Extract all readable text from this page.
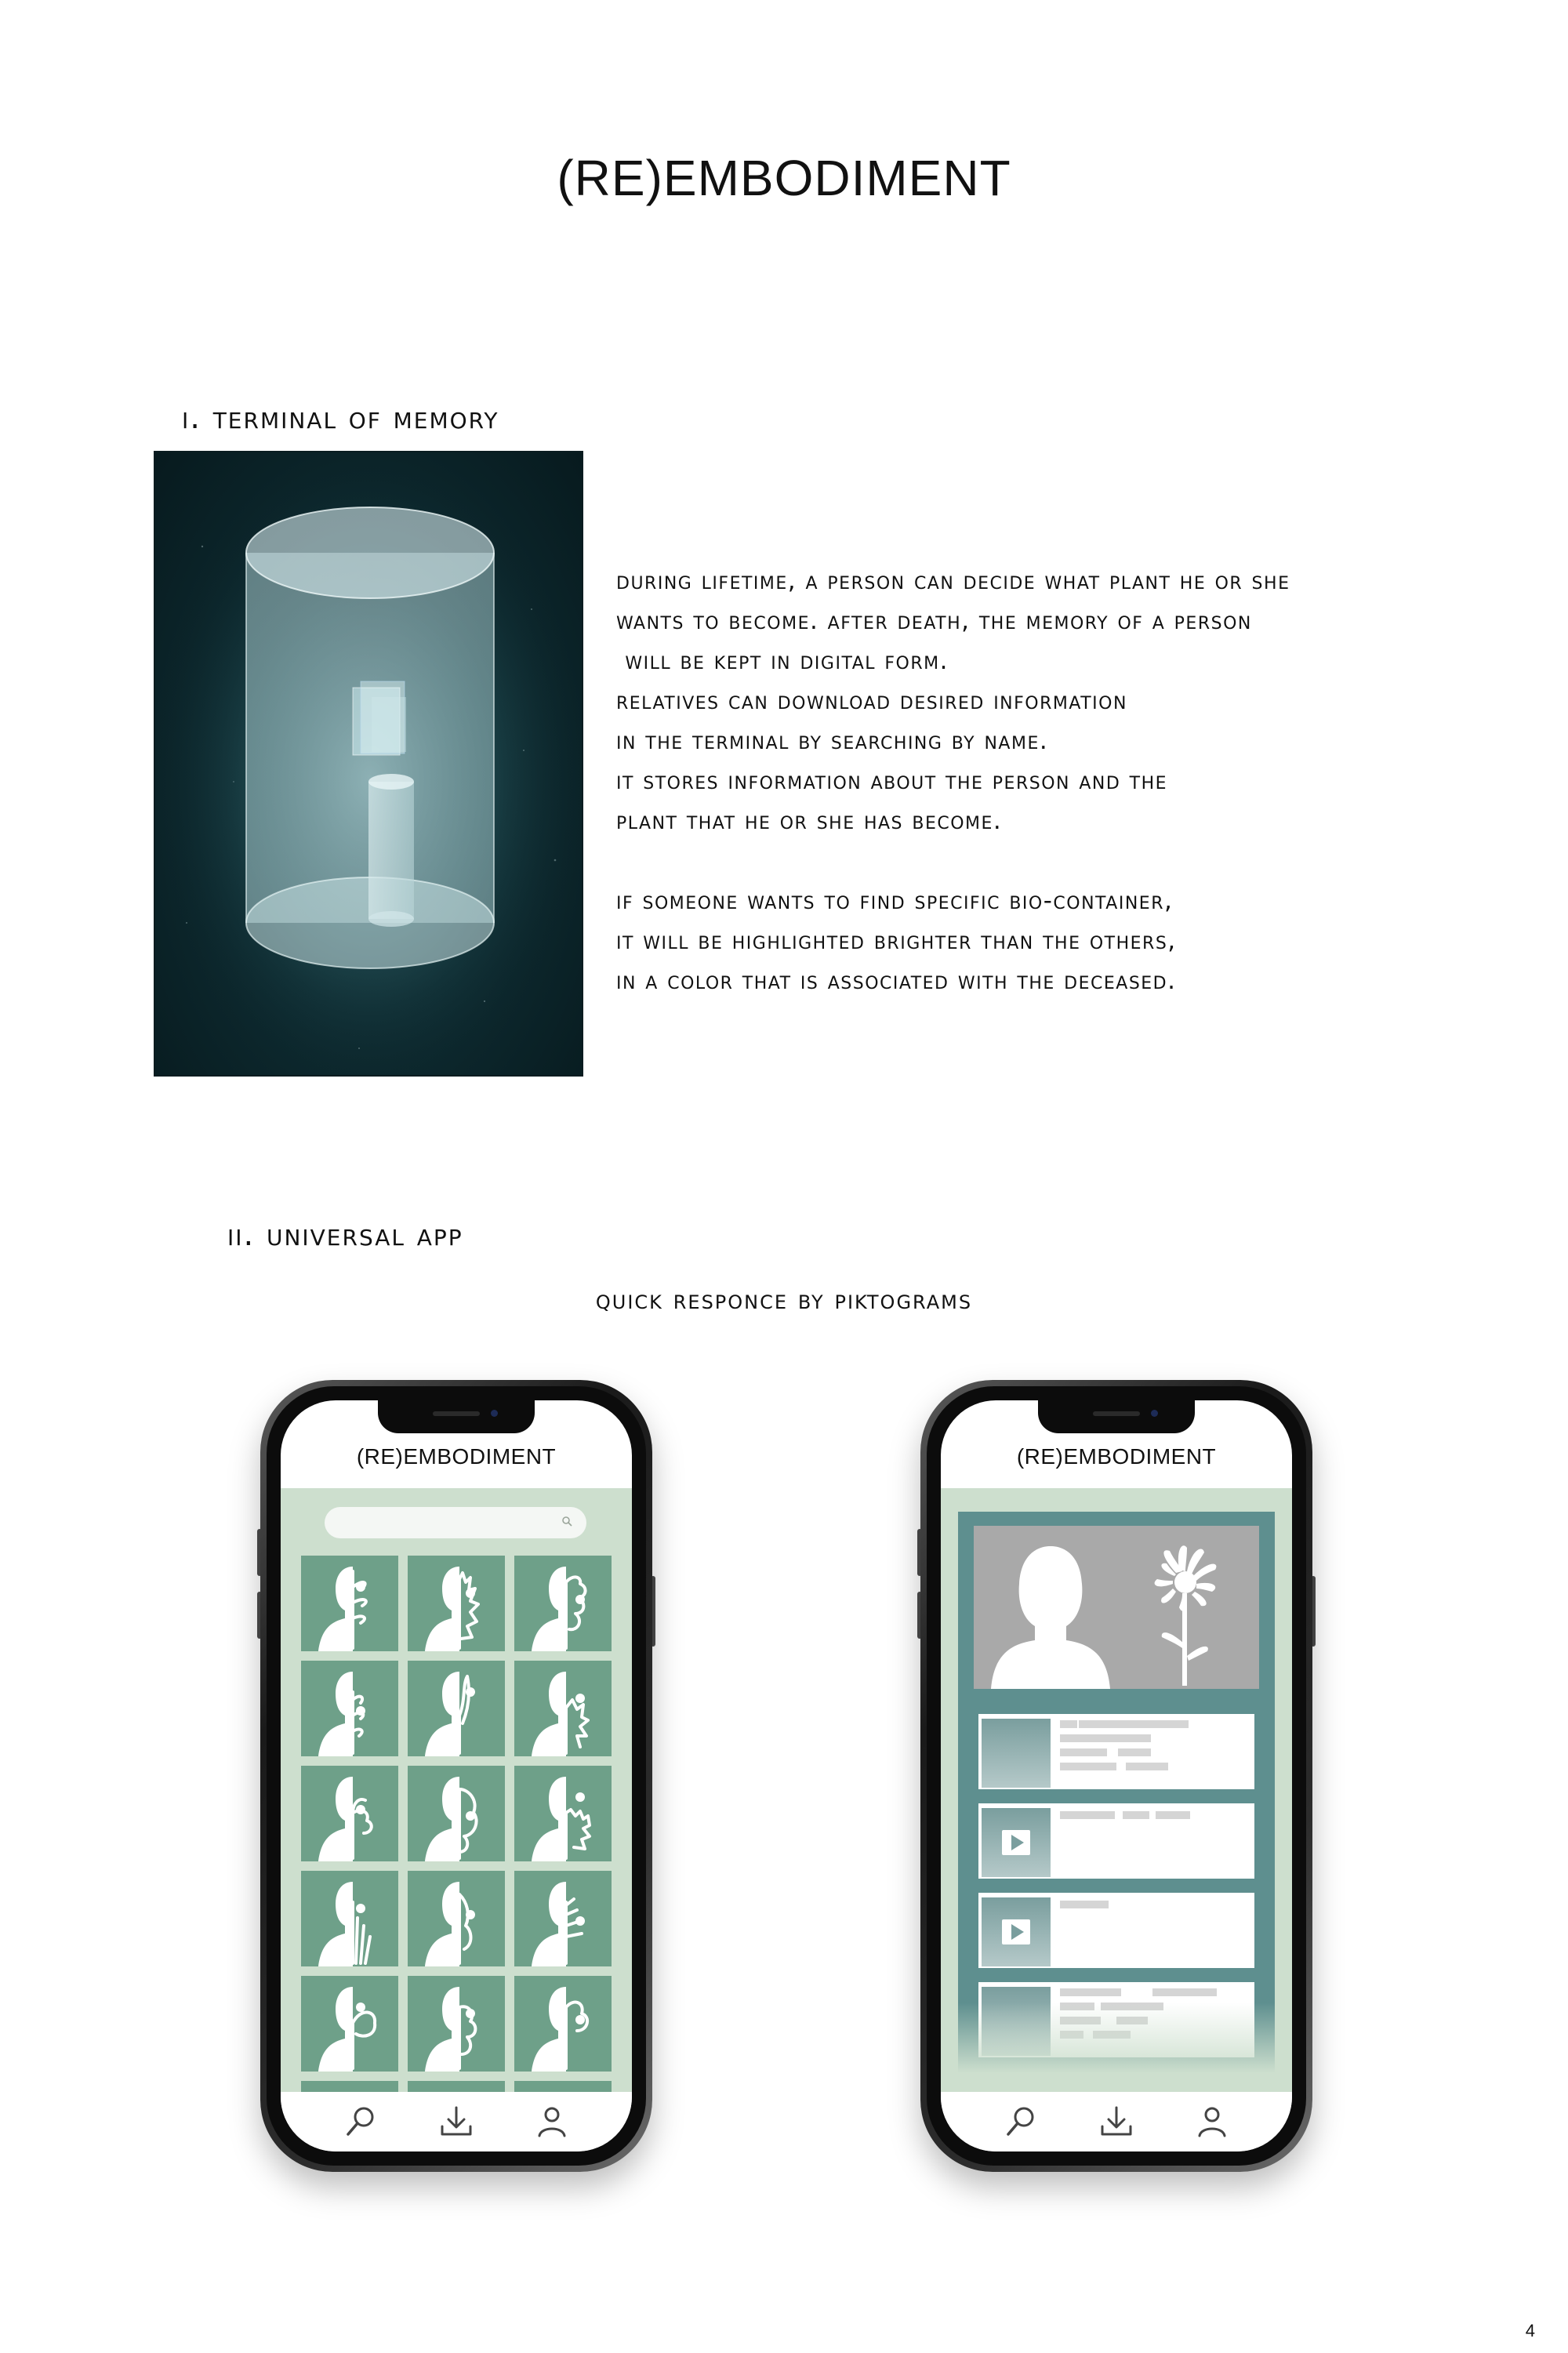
(RE)EMBODIMENT
i. terminal of memory
during lifetime, a person can decide what plant he or she
wants to become. after death, the memory of a person
will be kept in digital form.
relatives can download desired information
in the terminal by searching by name.
it stores information about the person and the
plant that he or she has become.
if someone wants to find specific bio-container,
it will be highlighted brighter than the others,
in a color that is associated with the deceased.
ii. universal app
quick responce by piktograms
(RE)EMBODIMENT	(RE)EMBODIMENT
4
